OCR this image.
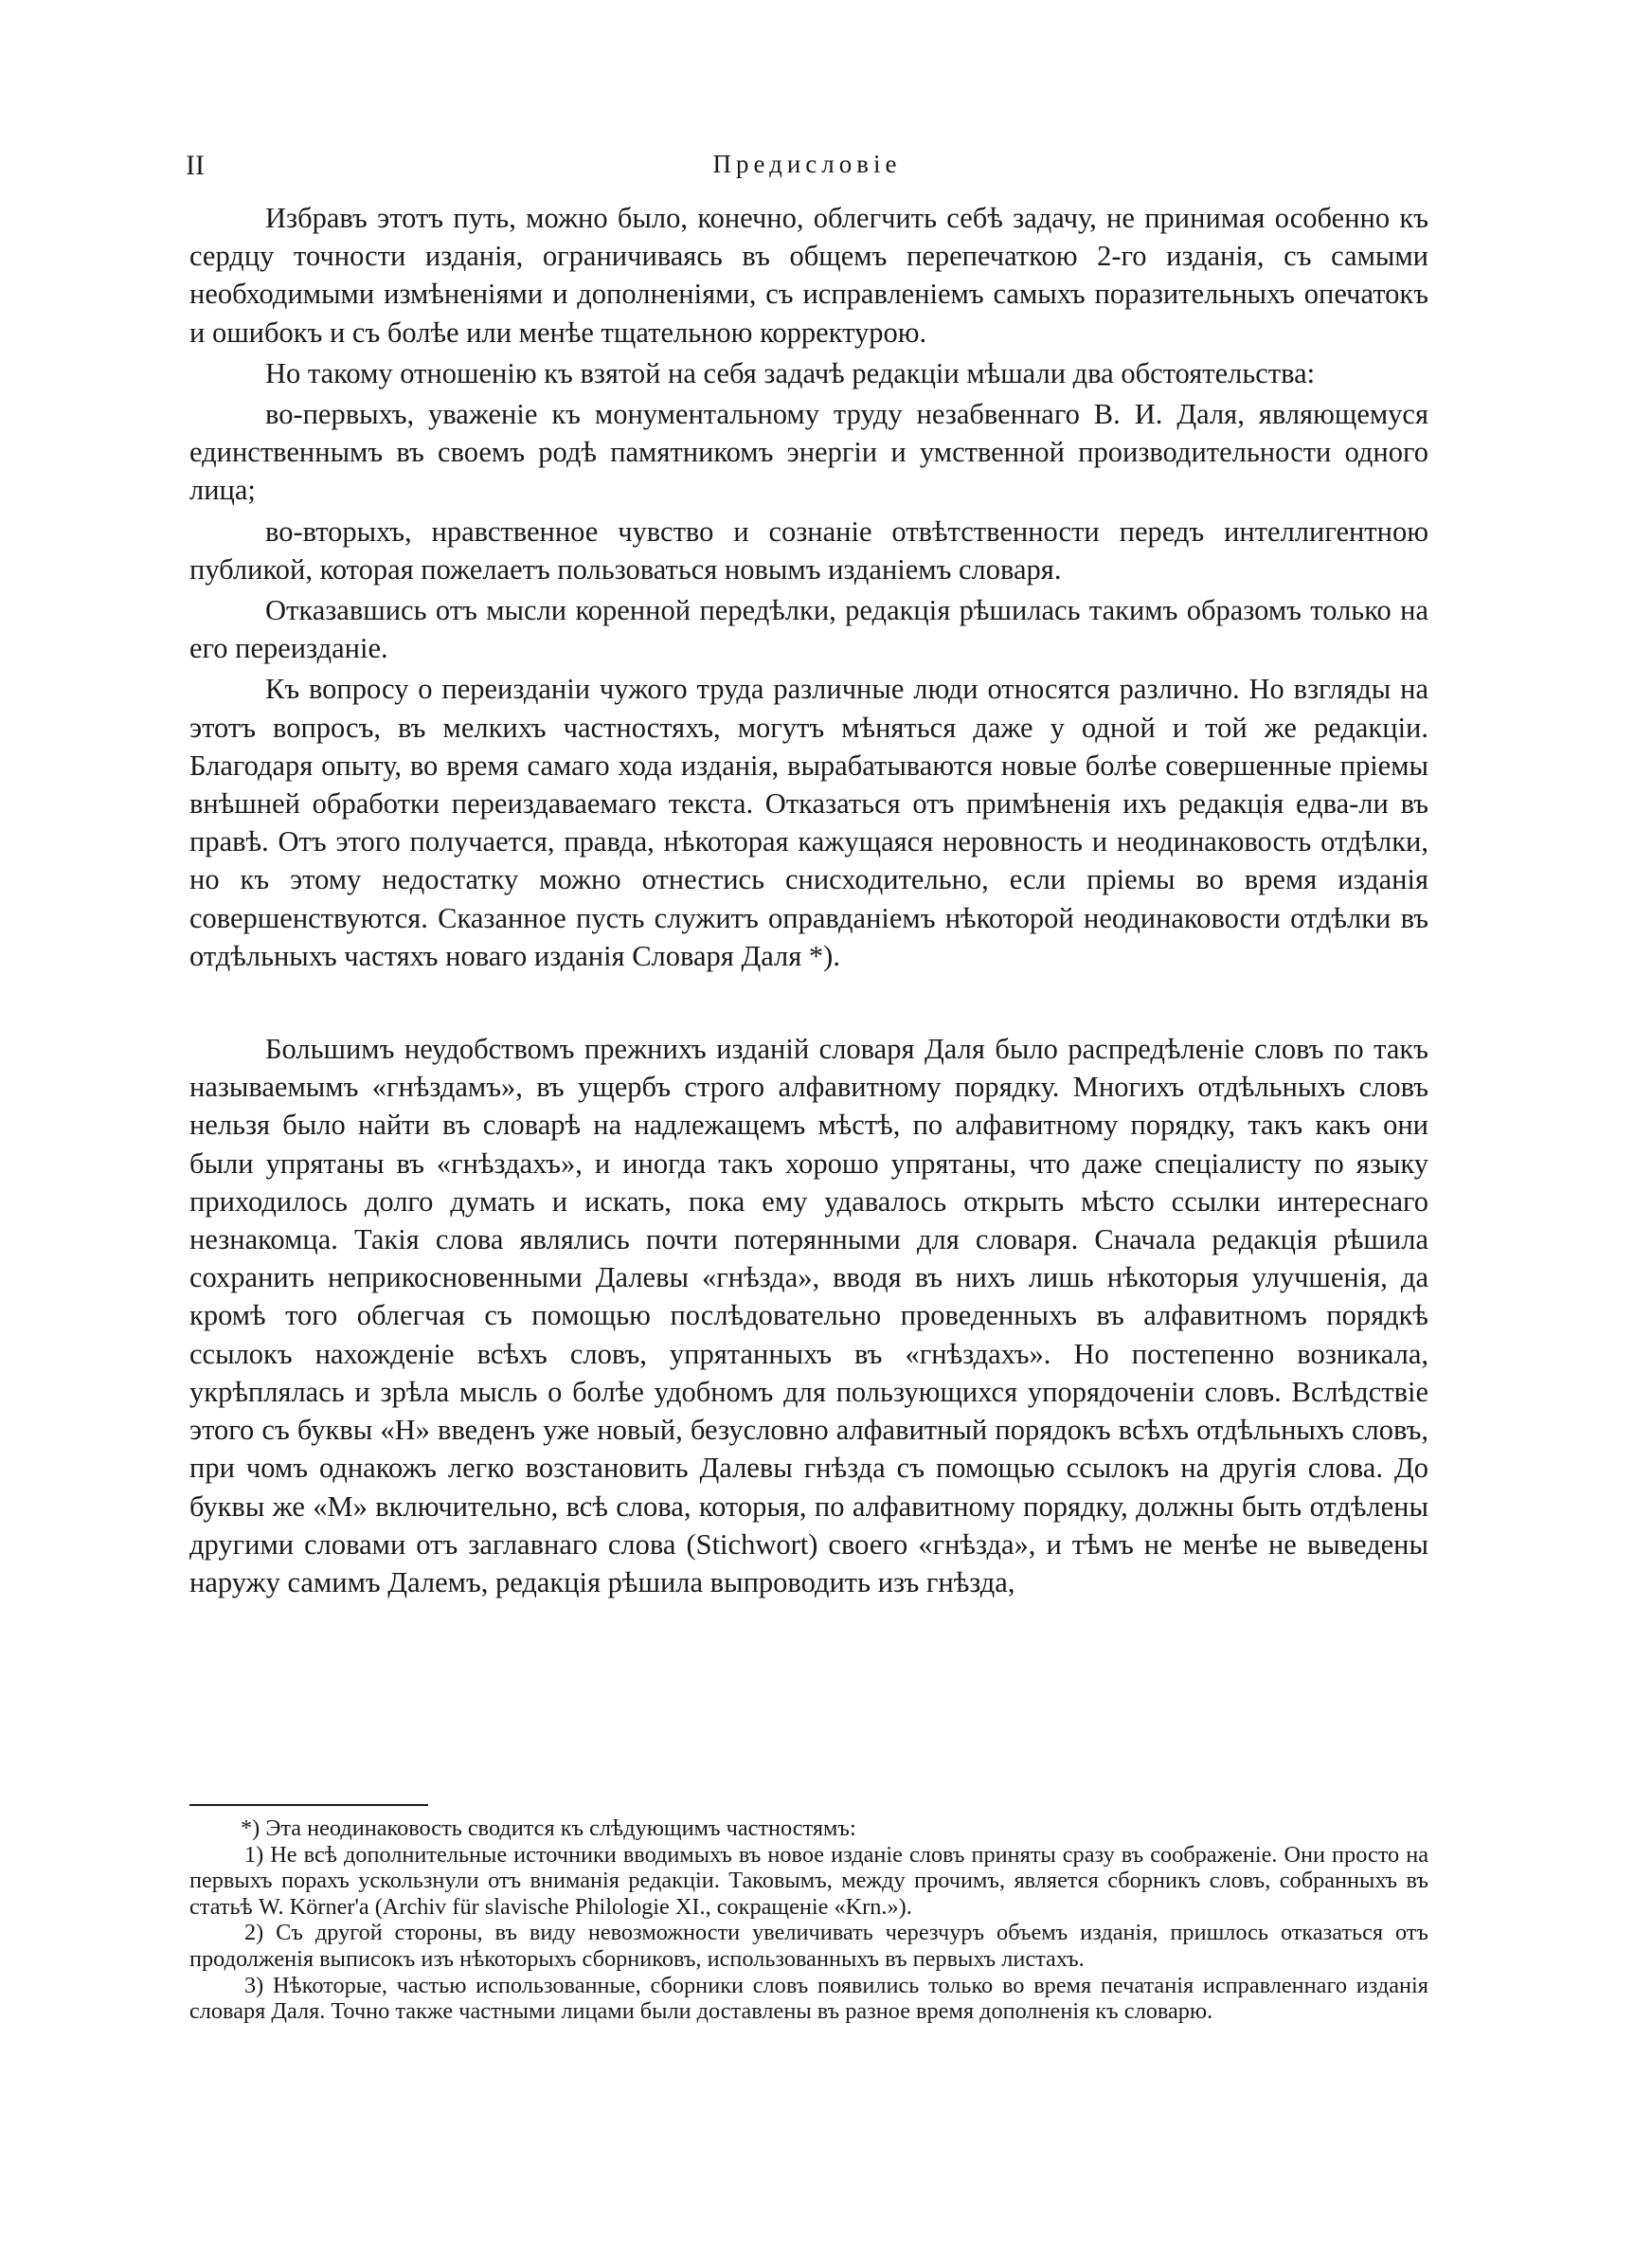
II	Предисловіе

Избравъ этотъ путь, можно было, конечно, облегчить себѣ задачу, не принимая особенно къ сердцу точности изданія, ограничиваясь въ общемъ перепечаткою 2-го изданія, съ самыми необходимыми измѣненіями и дополненіями, съ исправленіемъ самыхъ поразительныхъ опечатокъ и ошибокъ и съ болѣе или менѣе тщательною корректурою.

Но такому отношенію къ взятой на себя задачѣ редакціи мѣшали два обстоятельства:

во-первыхъ, уваженіе къ монументальному труду незабвеннаго В. И. Даля, являющемуся единственнымъ въ своемъ родѣ памятникомъ энергіи и умственной производительности одного лица;

во-вторыхъ, нравственное чувство и сознаніе отвѣтственности передъ интеллигентною публикой, которая пожелаетъ пользоваться новымъ изданіемъ словаря.

Отказавшись отъ мысли коренной передѣлки, редакція рѣшилась такимъ образомъ только на его переизданіе.

Къ вопросу о переизданіи чужого труда различные люди относятся различно. Но взгляды на этотъ вопросъ, въ мелкихъ частностяхъ, могутъ мѣняться даже у одной и той же редакціи. Благодаря опыту, во время самаго хода изданія, вырабатываются новые болѣе совершенные пріемы внѣшней обработки переиздаваемаго текста. Отказаться отъ примѣненія ихъ редакція едва-ли въ правѣ. Отъ этого получается, правда, нѣкоторая кажущаяся неровность и неодинаковость отдѣлки, но къ этому недостатку можно отнестись снисходительно, если пріемы во время изданія совершенствуются. Сказанное пусть служитъ оправданіемъ нѣкоторой неодинаковости отдѣлки въ отдѣльныхъ частяхъ новаго изданія Словаря Даля *).

Большимъ неудобствомъ прежнихъ изданій словаря Даля было распредѣленіе словъ по такъ называемымъ «гнѣздамъ», въ ущербъ строго алфавитному порядку. Многихъ отдѣльныхъ словъ нельзя было найти въ словарѣ на надлежащемъ мѣстѣ, по алфавитному порядку, такъ какъ они были упрятаны въ «гнѣздахъ», и иногда такъ хорошо упрятаны, что даже спеціалисту по языку приходилось долго думать и искать, пока ему удавалось открыть мѣсто ссылки интереснаго незнакомца. Такія слова являлись почти потерянными для словаря. Сначала редакція рѣшила сохранить неприкосновенными Далевы «гнѣзда», вводя въ нихъ лишь нѣкоторыя улучшенія, да кромѣ того облегчая съ помощью послѣдовательно проведенныхъ въ алфавитномъ порядкѣ ссылокъ нахожденіе всѣхъ словъ, упрятанныхъ въ «гнѣздахъ». Но постепенно возникала, укрѣплялась и зрѣла мысль о болѣе удобномъ для пользующихся упорядоченіи словъ. Вслѣдствіе этого съ буквы «Н» введенъ уже новый, безусловно алфавитный порядокъ всѣхъ отдѣльныхъ словъ, при чомъ однакожъ легко возстановить Далевы гнѣзда съ помощью ссылокъ на другія слова. До буквы же «М» включительно, всѣ слова, которыя, по алфавитному порядку, должны быть отдѣлены другими словами отъ заглавнаго слова (Stichwort) своего «гнѣзда», и тѣмъ не менѣе не выведены наружу самимъ Далемъ, редакція рѣшила выпроводить изъ гнѣзда,

*) Эта неодинаковость сводится къ слѣдующимъ частностямъ:

1) Не всѣ дополнительные источники вводимыхъ въ новое изданіе словъ приняты сразу въ соображеніе. Они просто на первыхъ порахъ ускользнули отъ вниманія редакціи. Таковымъ, между прочимъ, является сборникъ словъ, собранныхъ въ статьѣ W. Körner'a (Archiv für slavische Philologie XI., сокращеніе «Krn.»).

2) Съ другой стороны, въ виду невозможности увеличивать черезчуръ объемъ изданія, пришлось отказаться отъ продолженія выписокъ изъ нѣкоторыхъ сборниковъ, использованныхъ въ первыхъ листахъ.

3) Нѣкоторые, частью использованные, сборники словъ появились только во время печатанія исправленнаго изданія словаря Даля. Точно также частными лицами были доставлены въ разное время дополненія къ словарю.
